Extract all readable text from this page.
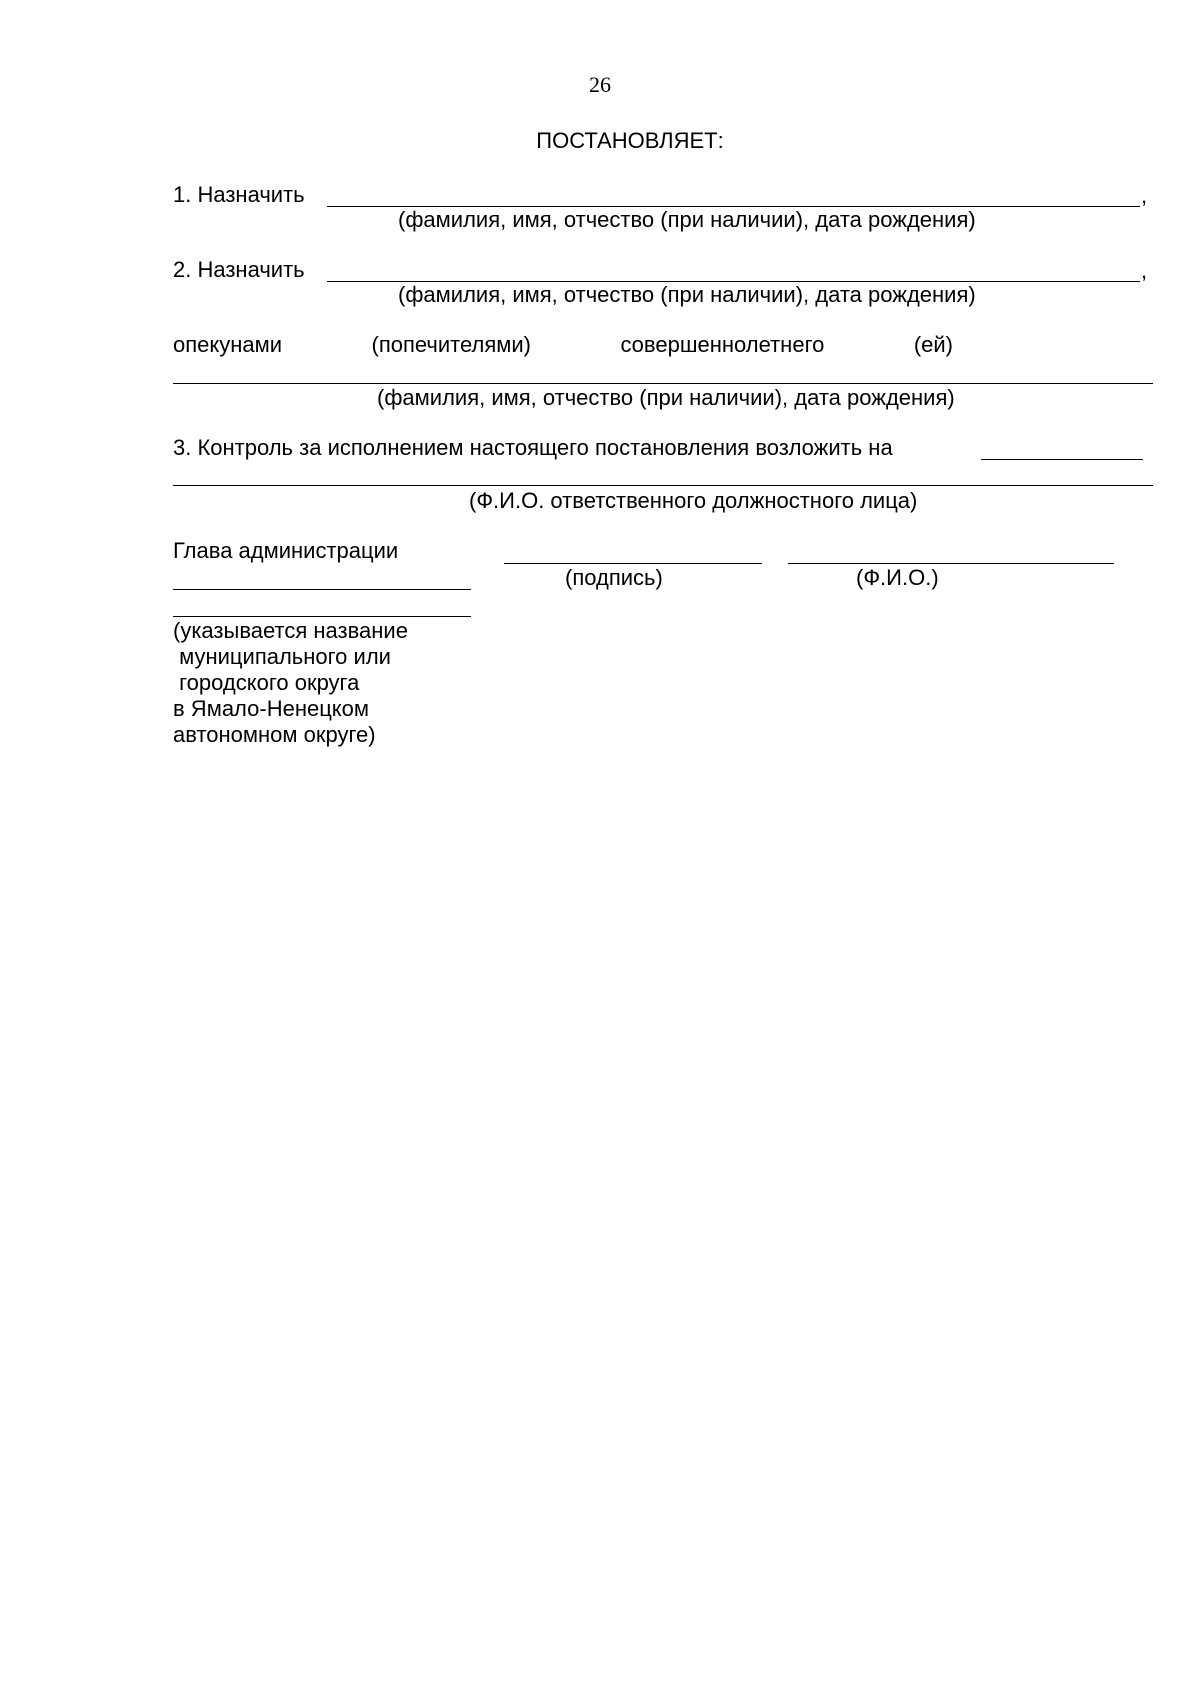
26
ПОСТАНОВЛЯЕТ:
1. Назначить	,
(фамилия, имя, отчество (при наличии), дата рождения)
2. Назначить	,
(фамилия, имя, отчество (при наличии), дата рождения)
опекунами	(попечителями)	совершеннолетнего	(ей)
(фамилия, имя, отчество (при наличии), дата рождения)
3. Контроль за исполнением настоящего постановления возложить на
(Ф.И.О. ответственного должностного лица)
Глава администрации
(подпись)	(Ф.И.О.)
(указывается название
муниципального или
городского округа
в Ямало-Ненецком
автономном округе)
